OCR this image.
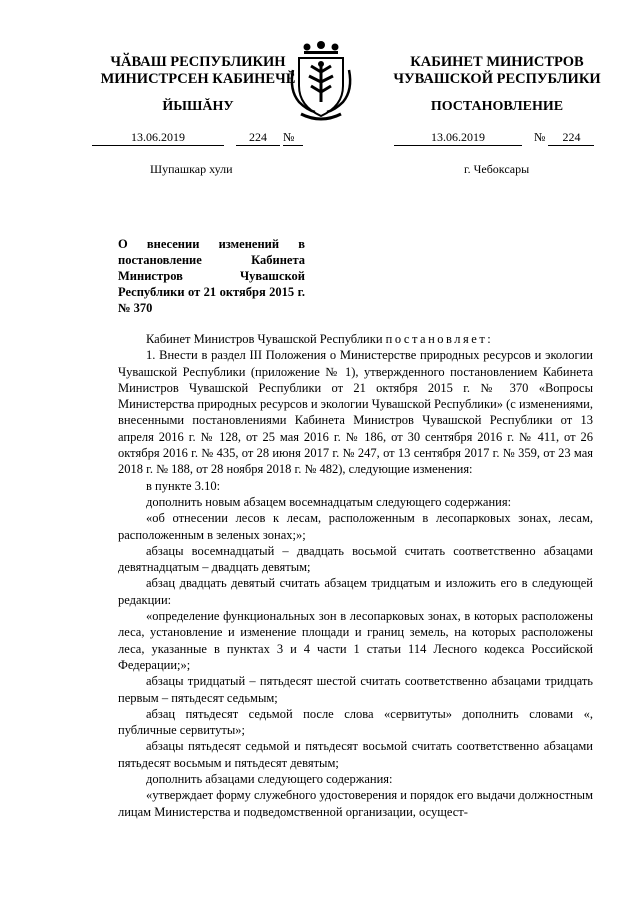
ЧӐВАШ РЕСПУБЛИКИН
МИНИСТРСЕН КАБИНЕЧĔ
ЙЫШĂНУ
13.06.2019	224 №
Шупашкар хули
КАБИНЕТ МИНИСТРОВ
ЧУВАШСКОЙ РЕСПУБЛИКИ
ПОСТАНОВЛЕНИЕ
13.06.2019	№ 224
г. Чебоксары
О внесении изменений в постановление Кабинета Министров Чувашской Республики от 21 октября 2015 г. № 370

Кабинет Министров Чувашской Республики постановляет:

1. Внести в раздел III Положения о Министерстве природных ресурсов и экологии Чувашской Республики (приложение № 1), утвержденного постановлением Кабинета Министров Чувашской Республики от 21 октября 2015 г. № 370 «Вопросы Министерства природных ресурсов и экологии Чувашской Республики» (с изменениями, внесенными постановлениями Кабинета Министров Чувашской Республики от 13 апреля 2016 г. № 128, от 25 мая 2016 г. № 186, от 30 сентября 2016 г. № 411, от 26 октября 2016 г. № 435, от 28 июня 2017 г. № 247, от 13 сентября 2017 г. № 359, от 23 мая 2018 г. № 188, от 28 ноября 2018 г. № 482), следующие изменения:

в пункте 3.10:

дополнить новым абзацем восемнадцатым следующего содержания:

«об отнесении лесов к лесам, расположенным в лесопарковых зонах, лесам, расположенным в зеленых зонах;»;

абзацы восемнадцатый – двадцать восьмой считать соответственно абзацами девятнадцатым – двадцать девятым;

абзац двадцать девятый считать абзацем тридцатым и изложить его в следующей редакции:

«определение функциональных зон в лесопарковых зонах, в которых расположены леса, установление и изменение площади и границ земель, на которых расположены леса, указанные в пунктах 3 и 4 части 1 статьи 114 Лесного кодекса Российской Федерации;»;

абзацы тридцатый – пятьдесят шестой считать соответственно абзацами тридцать первым – пятьдесят седьмым;

абзац пятьдесят седьмой после слова «сервитуты» дополнить словами «, публичные сервитуты»;

абзацы пятьдесят седьмой и пятьдесят восьмой считать соответственно абзацами пятьдесят восьмым и пятьдесят девятым;

дополнить абзацами следующего содержания:

«утверждает форму служебного удостоверения и порядок его выдачи должностным лицам Министерства и подведомственной организации, осущест-
